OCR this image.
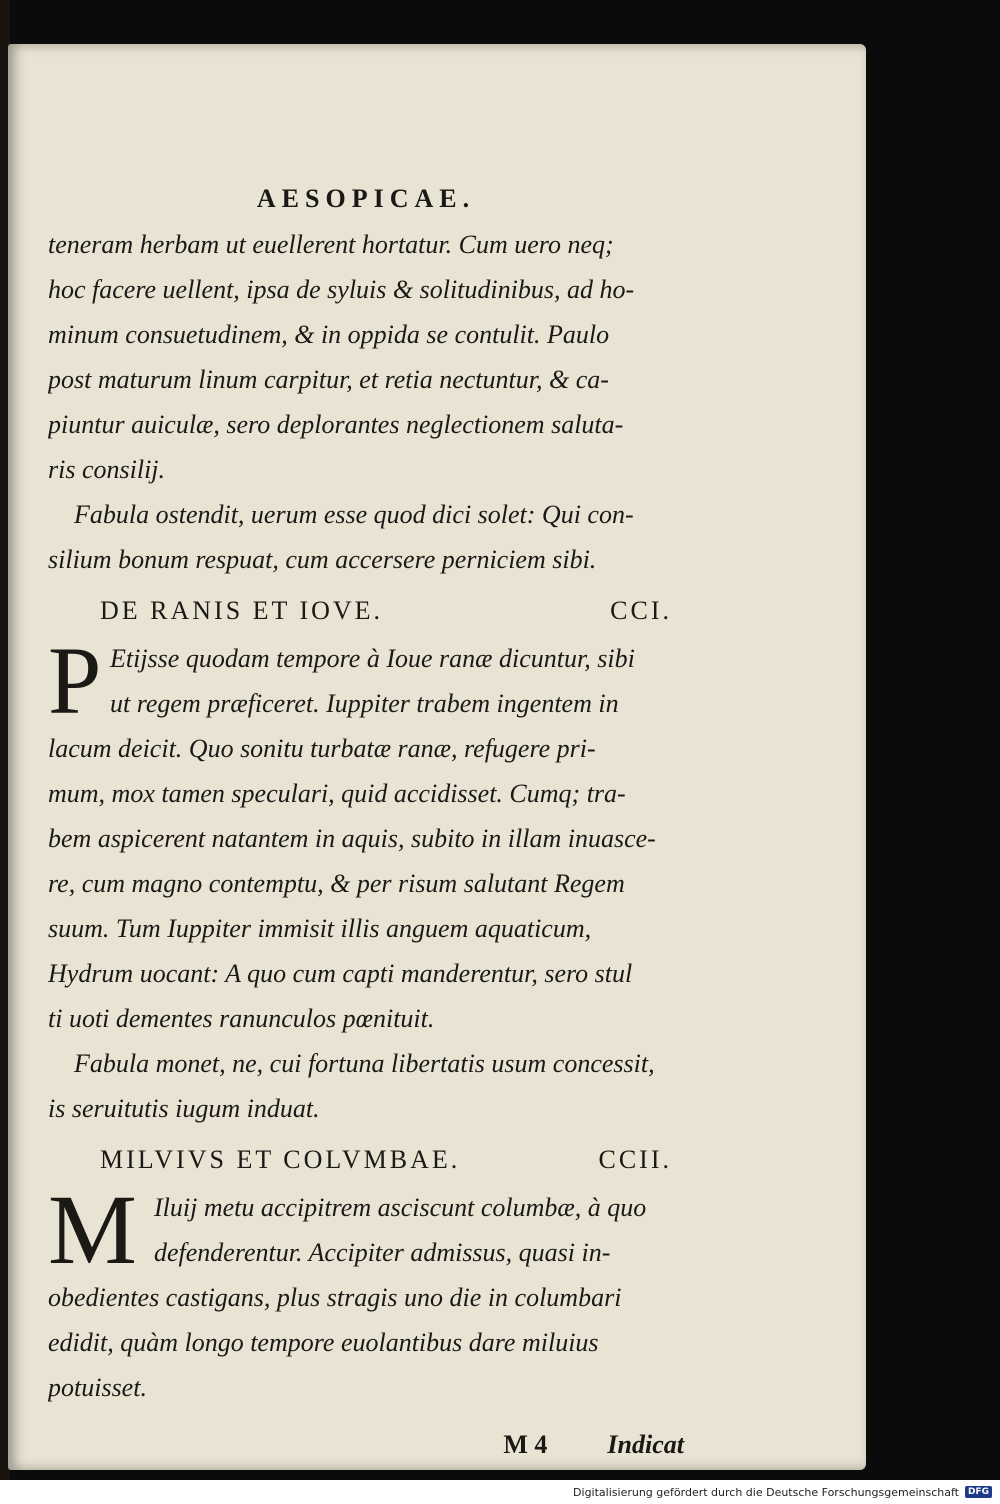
AESOPICAE.
teneram herbam ut euellerent hortatur. Cum uero neq;
hoc facere uellent, ipsa de syluis & solitudinibus, ad ho-
minum consuetudinem, & in oppida se contulit. Paulo
post maturum linum carpitur, et retia nectuntur, & ca-
piuntur auiculæ, sero deplorantes neglectionem saluta-
ris consilij.
Fabula ostendit, uerum esse quod dici solet: Qui con-
silium bonum respuat, cum accersere perniciem sibi.
DE RANIS ET IOVE.	CCI.
P Etijsse quodam tempore à Ioue ranæ dicuntur, sibi
ut regem præficeret. Iuppiter trabem ingentem in
lacum deicit. Quo sonitu turbatæ ranæ, refugere pri-
mum, mox tamen speculari, quid accidisset. Cumq; tra-
bem aspicerent natantem in aquis, subito in illam inuasce-
re, cum magno contemptu, & per risum salutant Regem
suum. Tum Iuppiter immisit illis anguem aquaticum,
Hydrum uocant: A quo cum capti manderentur, sero stul
ti uoti dementes ranunculos pœnituit.
Fabula monet, ne, cui fortuna libertatis usum concessit,
is seruitutis iugum induat.
MILVIVS ET COLVMBAE.	CCII.
M Iluij metu accipitrem asciscunt columbæ, à quo
defenderentur. Accipiter admissus, quasi in-
obedientes castigans, plus stragis uno die in columbari
edidit, quàm longo tempore euolantibus dare miluius
potuisset.
M 4 Indicat
Digitalisierung gefördert durch die Deutsche Forschungsgemeinschaft	DFG
